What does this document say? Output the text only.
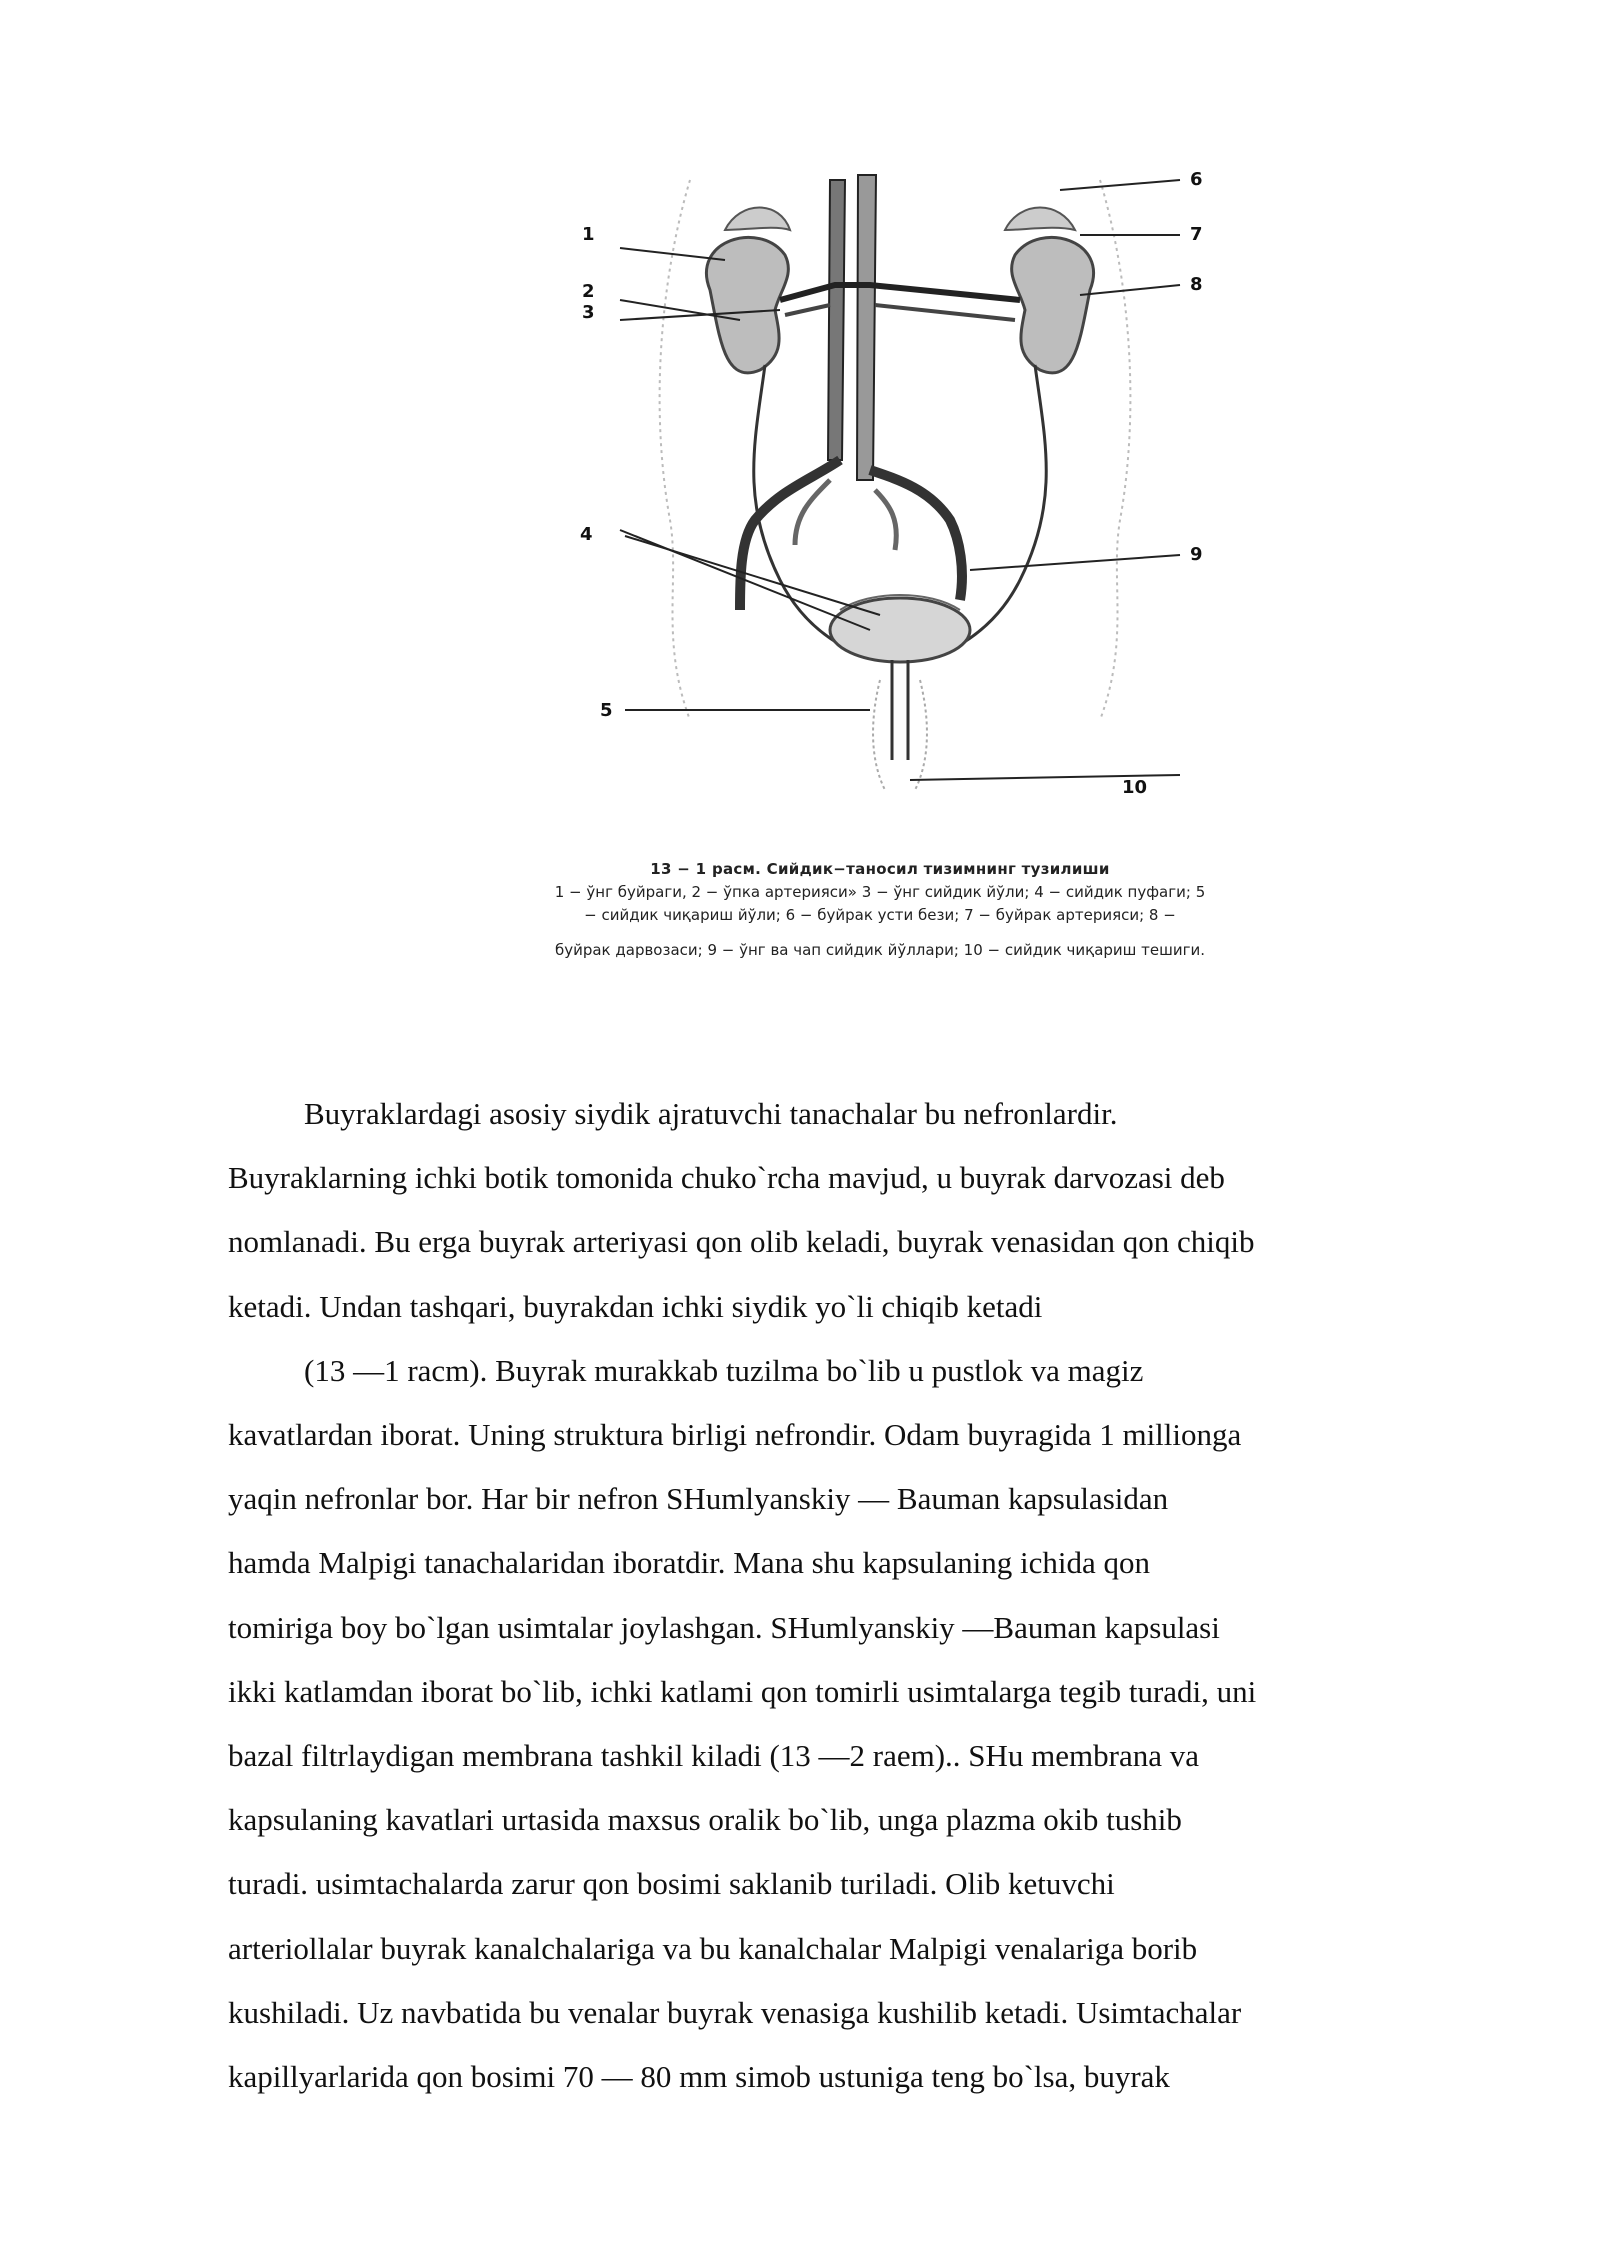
1
2
3
4
5
6
7
8
9
10
13 − 1 расм. Сийдик−таносил тизимнинг тузилиши
1 − ўнг буйраги, 2 − ўпка артерияси» 3 − ўнг сийдик йўли; 4 − сийдик пуфаги; 5
− сийдик чиқариш йўли; 6 − буйрак усти бези; 7 − буйрак артерияси; 8 −
буйрак дарвозаси; 9 − ўнг ва чап сийдик йўллари; 10 − сийдик чиқариш тешиги.
Buyraklardagi asosiy siydik ajratuvchi tanachalar bu nefronlardir.
Buyraklarning ichki botik tomonida chuko`rcha mavjud, u buyrak darvozasi deb
nomlanadi. Bu erga buyrak arteriyasi qon olib keladi, buyrak venasidan qon chiqib
ketadi. Undan tashqari, buyrakdan ichki siydik yo`li chiqib ketadi
(13 —1 racm). Buyrak murakkab tuzilma bo`lib u pustlok va magiz
kavatlardan iborat. Uning struktura birligi nefrondir. Odam buyragida 1 millionga
yaqin nefronlar bor. Har bir nefron SHumlyanskiy — Bauman kapsulasidan
hamda Malpigi tanachalaridan iboratdir. Mana shu kapsulaning ichida qon
tomiriga boy bo`lgan usimtalar joylashgan. SHumlyanskiy —Bauman kapsulasi
ikki katlamdan iborat bo`lib, ichki katlami qon tomirli usimtalarga tegib turadi, uni
bazal filtrlaydigan membrana tashkil kiladi (13 —2 raem).. SHu membrana va
kapsulaning kavatlari urtasida maxsus oralik bo`lib, unga plazma okib tushib
turadi. usimtachalarda zarur qon bosimi saklanib turiladi. Olib ketuvchi
arteriollalar buyrak kanalchalariga va bu kanalchalar Malpigi venalariga borib
kushiladi. Uz navbatida bu venalar buyrak venasiga kushilib ketadi. Usimtachalar
kapillyarlarida qon bosimi 70 — 80 mm simob ustuniga teng bo`lsa, buyrak
